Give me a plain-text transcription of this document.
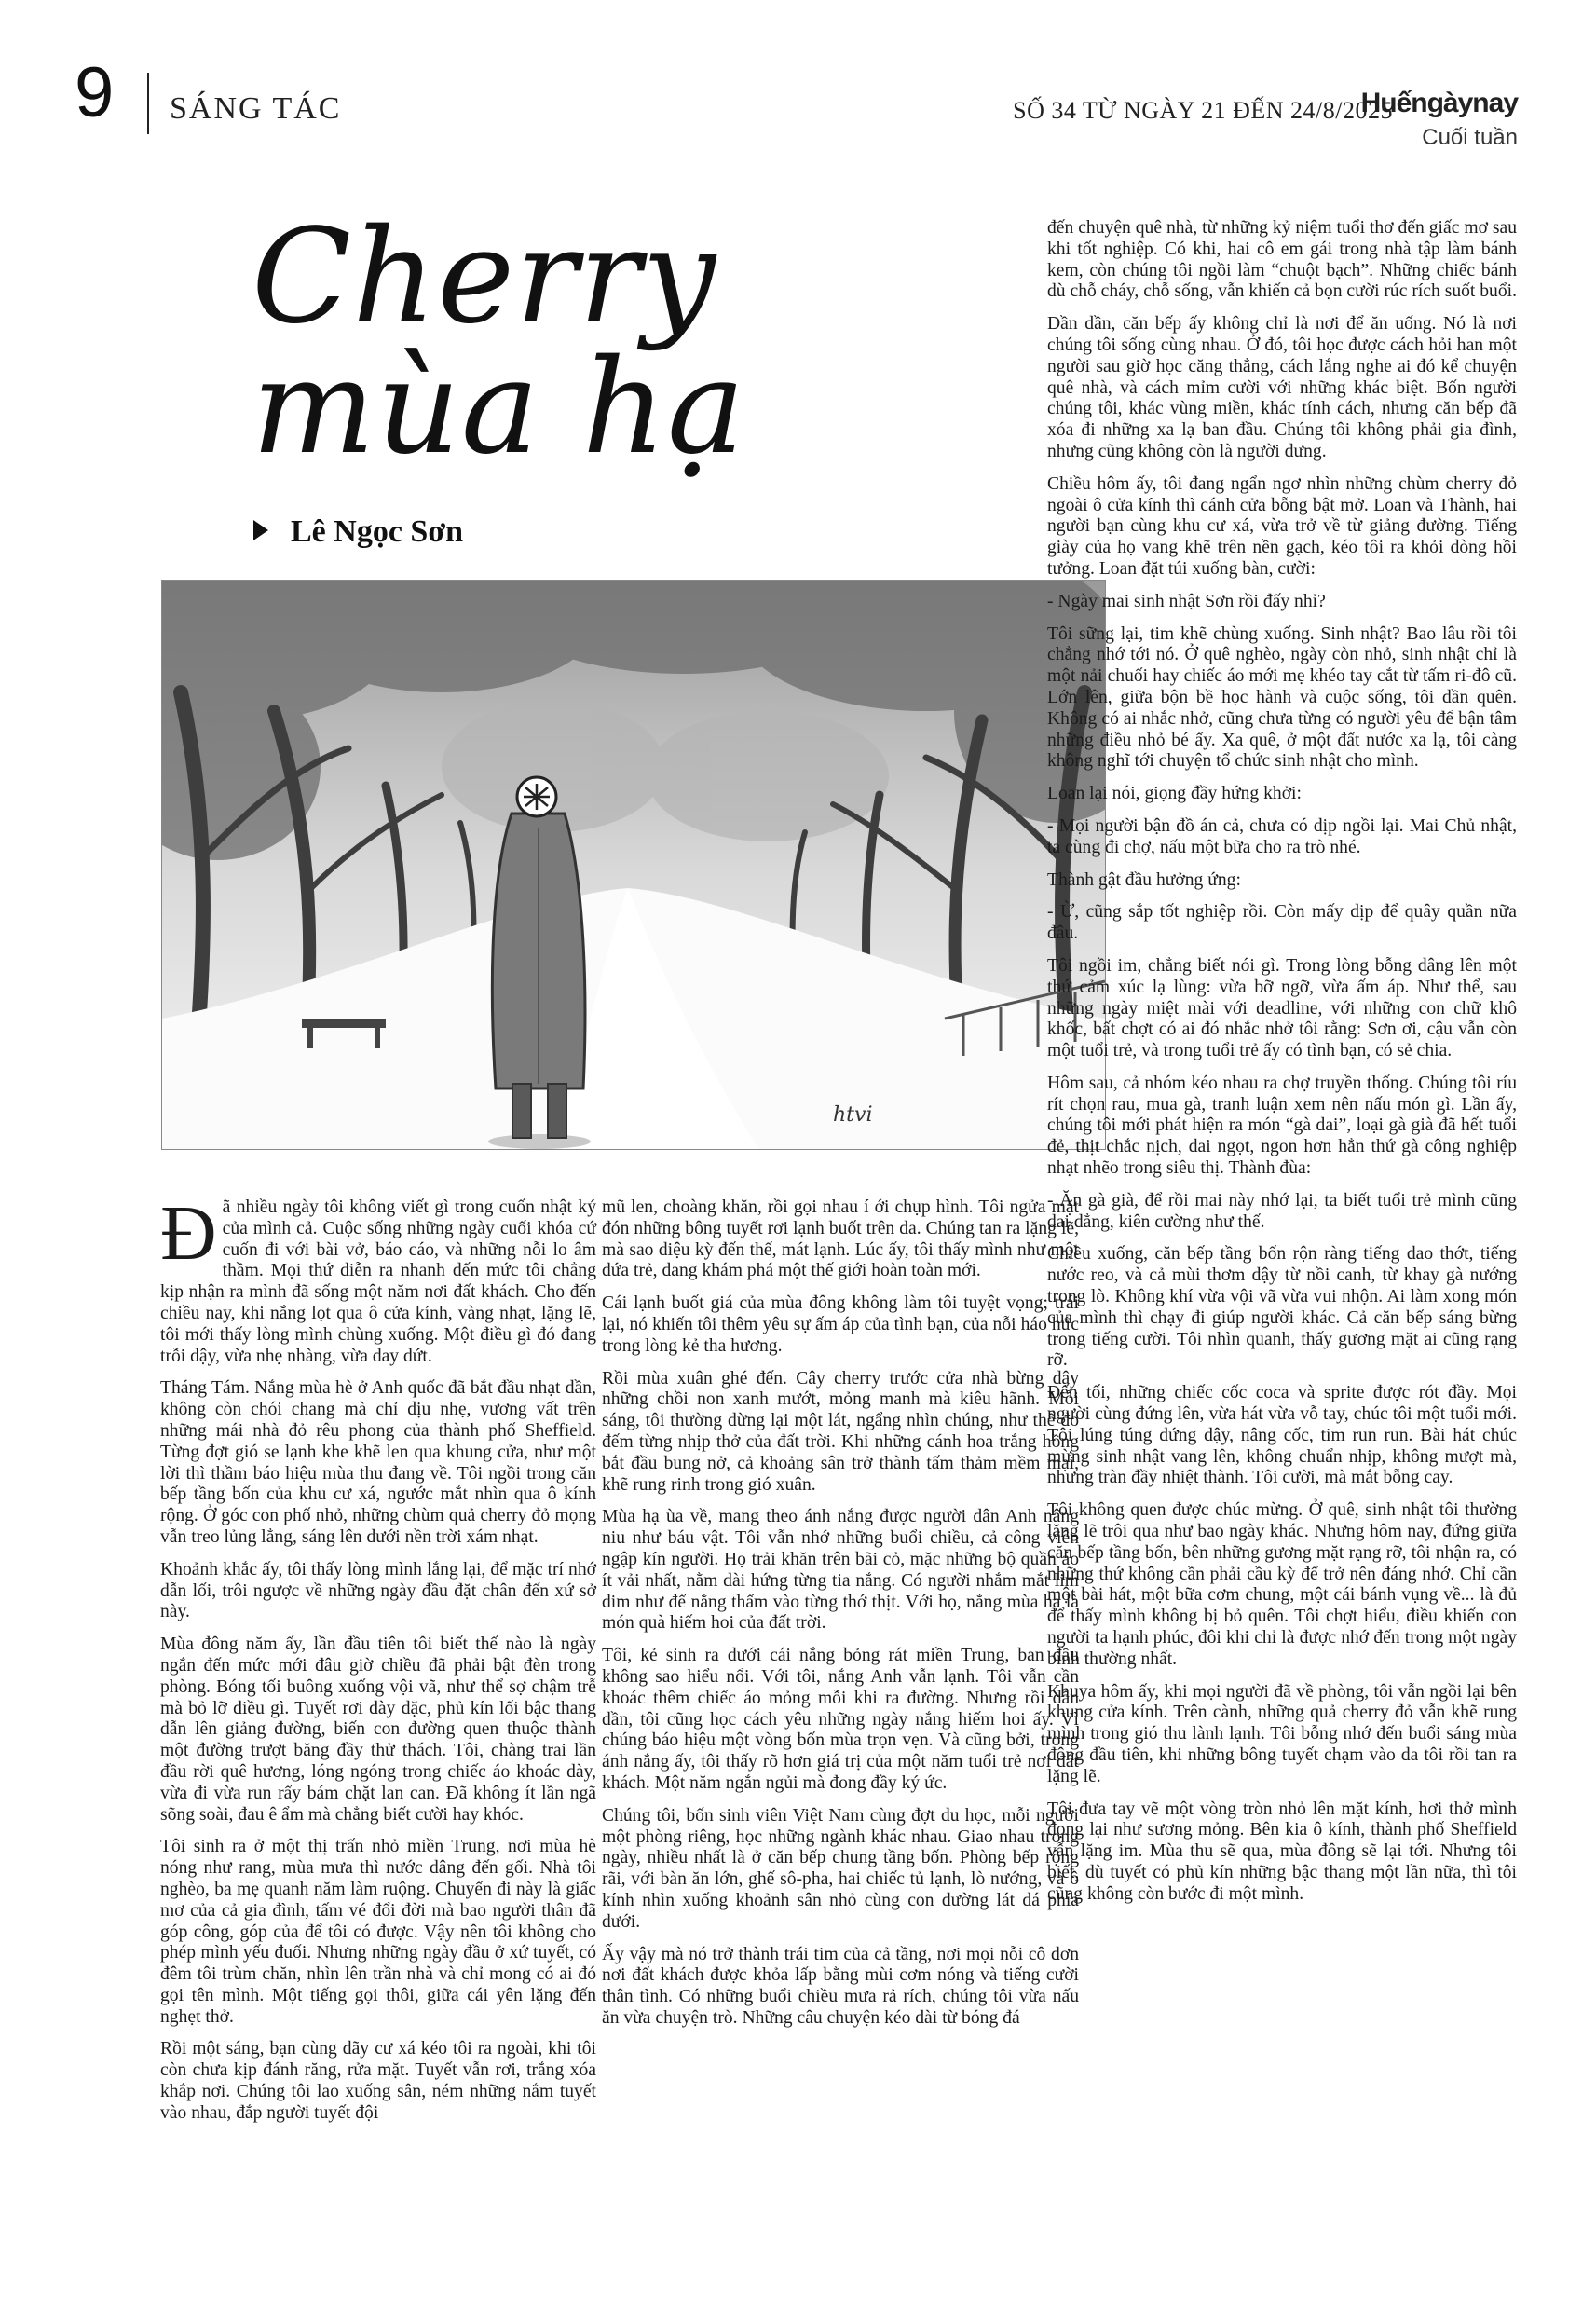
9 SÁNG TÁC	SỐ 34 TỪ NGÀY 21 ĐẾN 24/8/2025
Huếngàynay
Cuối tuần
Cherry
mùa hạ
Lê Ngọc Sơn
htvi

Đã nhiều ngày tôi không viết gì trong cuốn nhật ký của mình cả. Cuộc sống những ngày cuối khóa cứ cuốn đi với bài vở, báo cáo, và những nỗi lo âm thầm. Mọi thứ diễn ra nhanh đến mức tôi chẳng kịp nhận ra mình đã sống một năm nơi đất khách. Cho đến chiều nay, khi nắng lọt qua ô cửa kính, vàng nhạt, lặng lẽ, tôi mới thấy lòng mình chùng xuống. Một điều gì đó đang trỗi dậy, vừa nhẹ nhàng, vừa day dứt.

Tháng Tám. Nắng mùa hè ở Anh quốc đã bắt đầu nhạt dần, không còn chói chang mà chỉ dịu nhẹ, vương vất trên những mái nhà đỏ rêu phong của thành phố Sheffield. Từng đợt gió se lạnh khe khẽ len qua khung cửa, như một lời thì thầm báo hiệu mùa thu đang về. Tôi ngồi trong căn bếp tầng bốn của khu cư xá, ngước mắt nhìn qua ô kính rộng. Ở góc con phố nhỏ, những chùm quả cherry đỏ mọng vẫn treo lủng lẳng, sáng lên dưới nền trời xám nhạt.

Khoảnh khắc ấy, tôi thấy lòng mình lắng lại, để mặc trí nhớ dẫn lối, trôi ngược về những ngày đầu đặt chân đến xứ sở này.

Mùa đông năm ấy, lần đầu tiên tôi biết thế nào là ngày ngắn đến mức mới đâu giờ chiều đã phải bật đèn trong phòng. Bóng tối buông xuống vội vã, như thể sợ chậm trễ mà bỏ lỡ điều gì. Tuyết rơi dày đặc, phủ kín lối bậc thang dẫn lên giảng đường, biến con đường quen thuộc thành một đường trượt băng đầy thử thách. Tôi, chàng trai lần đầu rời quê hương, lóng ngóng trong chiếc áo khoác dày, vừa đi vừa run rẩy bám chặt lan can. Đã không ít lần ngã sõng soài, đau ê ẩm mà chẳng biết cười hay khóc.

Tôi sinh ra ở một thị trấn nhỏ miền Trung, nơi mùa hè nóng như rang, mùa mưa thì nước dâng đến gối. Nhà tôi nghèo, ba mẹ quanh năm làm ruộng. Chuyến đi này là giấc mơ của cả gia đình, tấm vé đổi đời mà bao người thân đã góp công, góp của để tôi có được. Vậy nên tôi không cho phép mình yếu đuối. Nhưng những ngày đầu ở xứ tuyết, có đêm tôi trùm chăn, nhìn lên trần nhà và chỉ mong có ai đó gọi tên mình. Một tiếng gọi thôi, giữa cái yên lặng đến nghẹt thở.

Rồi một sáng, bạn cùng dãy cư xá kéo tôi ra ngoài, khi tôi còn chưa kịp đánh răng, rửa mặt. Tuyết vẫn rơi, trắng xóa khắp nơi. Chúng tôi lao xuống sân, ném những nắm tuyết vào nhau, đắp người tuyết đội

mũ len, choàng khăn, rồi gọi nhau í ới chụp hình. Tôi ngửa mặt đón những bông tuyết rơi lạnh buốt trên da. Chúng tan ra lặng lẽ, mà sao diệu kỳ đến thế, mát lạnh. Lúc ấy, tôi thấy mình như một đứa trẻ, đang khám phá một thế giới hoàn toàn mới.

Cái lạnh buốt giá của mùa đông không làm tôi tuyệt vọng; trái lại, nó khiến tôi thêm yêu sự ấm áp của tình bạn, của nỗi háo hức trong lòng kẻ tha hương.

Rồi mùa xuân ghé đến. Cây cherry trước cửa nhà bừng dậy những chồi non xanh mướt, mỏng manh mà kiêu hãnh. Mỗi sáng, tôi thường dừng lại một lát, ngẩng nhìn chúng, như thể đo đếm từng nhịp thở của đất trời. Khi những cánh hoa trắng hồng bắt đầu bung nở, cả khoảng sân trở thành tấm thảm mềm mại, khẽ rung rinh trong gió xuân.

Mùa hạ ùa về, mang theo ánh nắng được người dân Anh nâng niu như báu vật. Tôi vẫn nhớ những buổi chiều, cả công viên ngập kín người. Họ trải khăn trên bãi cỏ, mặc những bộ quần áo ít vải nhất, nằm dài hứng từng tia nắng. Có người nhắm mắt lim dim như để nắng thấm vào từng thớ thịt. Với họ, nắng mùa hạ là món quà hiếm hoi của đất trời.

Tôi, kẻ sinh ra dưới cái nắng bỏng rát miền Trung, ban đầu không sao hiểu nổi. Với tôi, nắng Anh vẫn lạnh. Tôi vẫn cần khoác thêm chiếc áo mỏng mỗi khi ra đường. Nhưng rồi dần dần, tôi cũng học cách yêu những ngày nắng hiếm hoi ấy. Vì chúng báo hiệu một vòng bốn mùa trọn vẹn. Và cũng bởi, trong ánh nắng ấy, tôi thấy rõ hơn giá trị của một năm tuổi trẻ nơi đất khách. Một năm ngắn ngủi mà đong đầy ký ức.

Chúng tôi, bốn sinh viên Việt Nam cùng đợt du học, mỗi người một phòng riêng, học những ngành khác nhau. Giao nhau trong ngày, nhiều nhất là ở căn bếp chung tầng bốn. Phòng bếp rộng rãi, với bàn ăn lớn, ghế sô-pha, hai chiếc tủ lạnh, lò nướng, và ô kính nhìn xuống khoảnh sân nhỏ cùng con đường lát đá phía dưới.

Ấy vậy mà nó trở thành trái tim của cả tầng, nơi mọi nỗi cô đơn nơi đất khách được khỏa lấp bằng mùi cơm nóng và tiếng cười thân tình. Có những buổi chiều mưa rả rích, chúng tôi vừa nấu ăn vừa chuyện trò. Những câu chuyện kéo dài từ bóng đá

đến chuyện quê nhà, từ những kỷ niệm tuổi thơ đến giấc mơ sau khi tốt nghiệp. Có khi, hai cô em gái trong nhà tập làm bánh kem, còn chúng tôi ngồi làm “chuột bạch”. Những chiếc bánh dù chỗ cháy, chỗ sống, vẫn khiến cả bọn cười rúc rích suốt buổi.

Dần dần, căn bếp ấy không chỉ là nơi để ăn uống. Nó là nơi chúng tôi sống cùng nhau. Ở đó, tôi học được cách hỏi han một người sau giờ học căng thẳng, cách lắng nghe ai đó kể chuyện quê nhà, và cách mỉm cười với những khác biệt. Bốn người chúng tôi, khác vùng miền, khác tính cách, nhưng căn bếp đã xóa đi những xa lạ ban đầu. Chúng tôi không phải gia đình, nhưng cũng không còn là người dưng.

Chiều hôm ấy, tôi đang ngẩn ngơ nhìn những chùm cherry đỏ ngoài ô cửa kính thì cánh cửa bỗng bật mở. Loan và Thành, hai người bạn cùng khu cư xá, vừa trở về từ giảng đường. Tiếng giày của họ vang khẽ trên nền gạch, kéo tôi ra khỏi dòng hồi tưởng. Loan đặt túi xuống bàn, cười:

- Ngày mai sinh nhật Sơn rồi đấy nhỉ?

Tôi sững lại, tim khẽ chùng xuống. Sinh nhật? Bao lâu rồi tôi chẳng nhớ tới nó. Ở quê nghèo, ngày còn nhỏ, sinh nhật chỉ là một nải chuối hay chiếc áo mới mẹ khéo tay cắt từ tấm ri-đô cũ. Lớn lên, giữa bộn bề học hành và cuộc sống, tôi dần quên. Không có ai nhắc nhở, cũng chưa từng có người yêu để bận tâm những điều nhỏ bé ấy. Xa quê, ở một đất nước xa lạ, tôi càng không nghĩ tới chuyện tổ chức sinh nhật cho mình.

Loan lại nói, giọng đầy hứng khởi:

- Mọi người bận đồ án cả, chưa có dịp ngồi lại. Mai Chủ nhật, ta cùng đi chợ, nấu một bữa cho ra trò nhé.

Thành gật đầu hưởng ứng:

- Ừ, cũng sắp tốt nghiệp rồi. Còn mấy dịp để quây quần nữa đâu.

Tôi ngồi im, chẳng biết nói gì. Trong lòng bỗng dâng lên một thứ cảm xúc lạ lùng: vừa bỡ ngỡ, vừa ấm áp. Như thể, sau những ngày miệt mài với deadline, với những con chữ khô khốc, bất chợt có ai đó nhắc nhở tôi rằng: Sơn ơi, cậu vẫn còn một tuổi trẻ, và trong tuổi trẻ ấy có tình bạn, có sẻ chia.

Hôm sau, cả nhóm kéo nhau ra chợ truyền thống. Chúng tôi ríu rít chọn rau, mua gà, tranh luận xem nên nấu món gì. Lần ấy, chúng tôi mới phát hiện ra món “gà dai”, loại gà già đã hết tuổi đẻ, thịt chắc nịch, dai ngọt, ngon hơn hẳn thứ gà công nghiệp nhạt nhẽo trong siêu thị. Thành đùa:

- Ăn gà già, để rồi mai này nhớ lại, ta biết tuổi trẻ mình cũng dai dẳng, kiên cường như thế.

Chiều xuống, căn bếp tầng bốn rộn ràng tiếng dao thớt, tiếng nước reo, và cả mùi thơm dậy từ nồi canh, từ khay gà nướng trong lò. Không khí vừa vội vã vừa vui nhộn. Ai làm xong món của mình thì chạy đi giúp người khác. Cả căn bếp sáng bừng trong tiếng cười. Tôi nhìn quanh, thấy gương mặt ai cũng rạng rỡ.

Đến tối, những chiếc cốc coca và sprite được rót đầy. Mọi người cùng đứng lên, vừa hát vừa vỗ tay, chúc tôi một tuổi mới. Tôi lúng túng đứng dậy, nâng cốc, tim run run. Bài hát chúc mừng sinh nhật vang lên, không chuẩn nhịp, không mượt mà, nhưng tràn đầy nhiệt thành. Tôi cười, mà mắt bỗng cay.

Tôi không quen được chúc mừng. Ở quê, sinh nhật tôi thường lặng lẽ trôi qua như bao ngày khác. Nhưng hôm nay, đứng giữa căn bếp tầng bốn, bên những gương mặt rạng rỡ, tôi nhận ra, có những thứ không cần phải cầu kỳ để trở nên đáng nhớ. Chỉ cần một bài hát, một bữa cơm chung, một cái bánh vụng về... là đủ để thấy mình không bị bỏ quên. Tôi chợt hiểu, điều khiến con người ta hạnh phúc, đôi khi chỉ là được nhớ đến trong một ngày bình thường nhất.

Khuya hôm ấy, khi mọi người đã về phòng, tôi vẫn ngồi lại bên khung cửa kính. Trên cành, những quả cherry đỏ vẫn khẽ rung mình trong gió thu lành lạnh. Tôi bỗng nhớ đến buổi sáng mùa đông đầu tiên, khi những bông tuyết chạm vào da tôi rồi tan ra lặng lẽ.

Tôi đưa tay vẽ một vòng tròn nhỏ lên mặt kính, hơi thở mình đọng lại như sương mỏng. Bên kia ô kính, thành phố Sheffield vẫn lặng im. Mùa thu sẽ qua, mùa đông sẽ lại tới. Nhưng tôi biết, dù tuyết có phủ kín những bậc thang một lần nữa, thì tôi cũng không còn bước đi một mình.
